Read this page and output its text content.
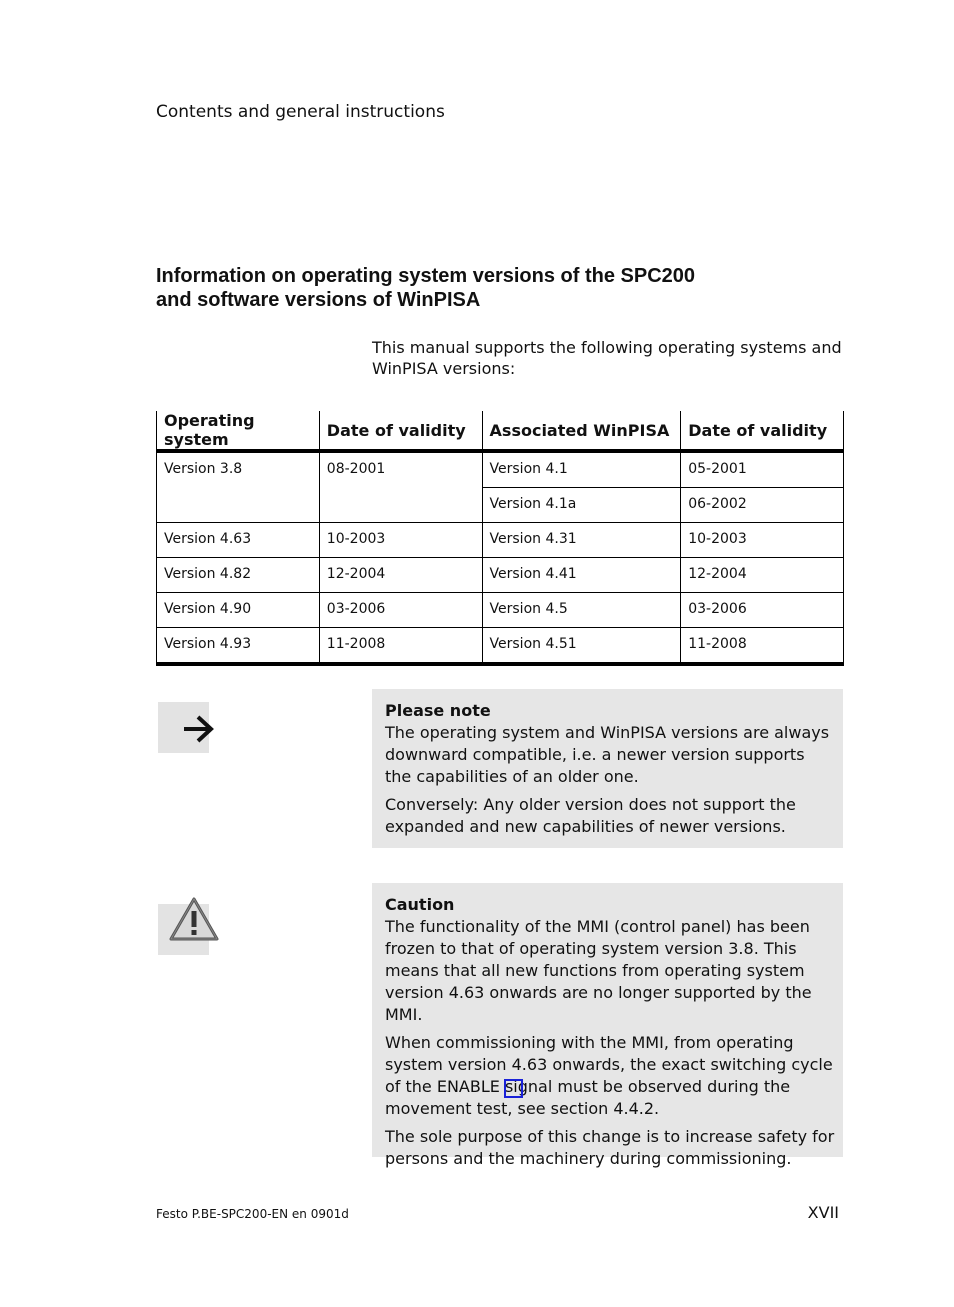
Contents and general instructions
Information on operating system versions of the SPC200
and software versions of WinPISA
This manual supports the following operating systems and WinPISA versions:
Operating system	Date of validity	Associated WinPISA	Date of validity
Version 3.8	08-2001	Version 4.1	05-2001
		Version 4.1a	06-2002
Version 4.63	10-2003	Version 4.31	10-2003
Version 4.82	12-2004	Version 4.41	12-2004
Version 4.90	03-2006	Version 4.5	03-2006
Version 4.93	11-2008	Version 4.51	11-2008
Please note

The operating system and WinPISA versions are always downward compatible, i.e. a newer version supports the capabilities of an older one.

Conversely: Any older version does not support the expanded and new capabilities of newer versions.

Caution

The functionality of the MMI (control panel) has been frozen to that of operating system version 3.8. This means that all new functions from operating system version 4.63 onwards are no longer supported by the MMI.

When commissioning with the MMI, from operating system version 4.63 onwards, the exact switching cycle of the ENABLE signal must be observed during the movement test, see section 4.4.2.

The sole purpose of this change is to increase safety for persons and the machinery during commissioning.

Festo P.BE-SPC200-EN en 0901d	XVII
